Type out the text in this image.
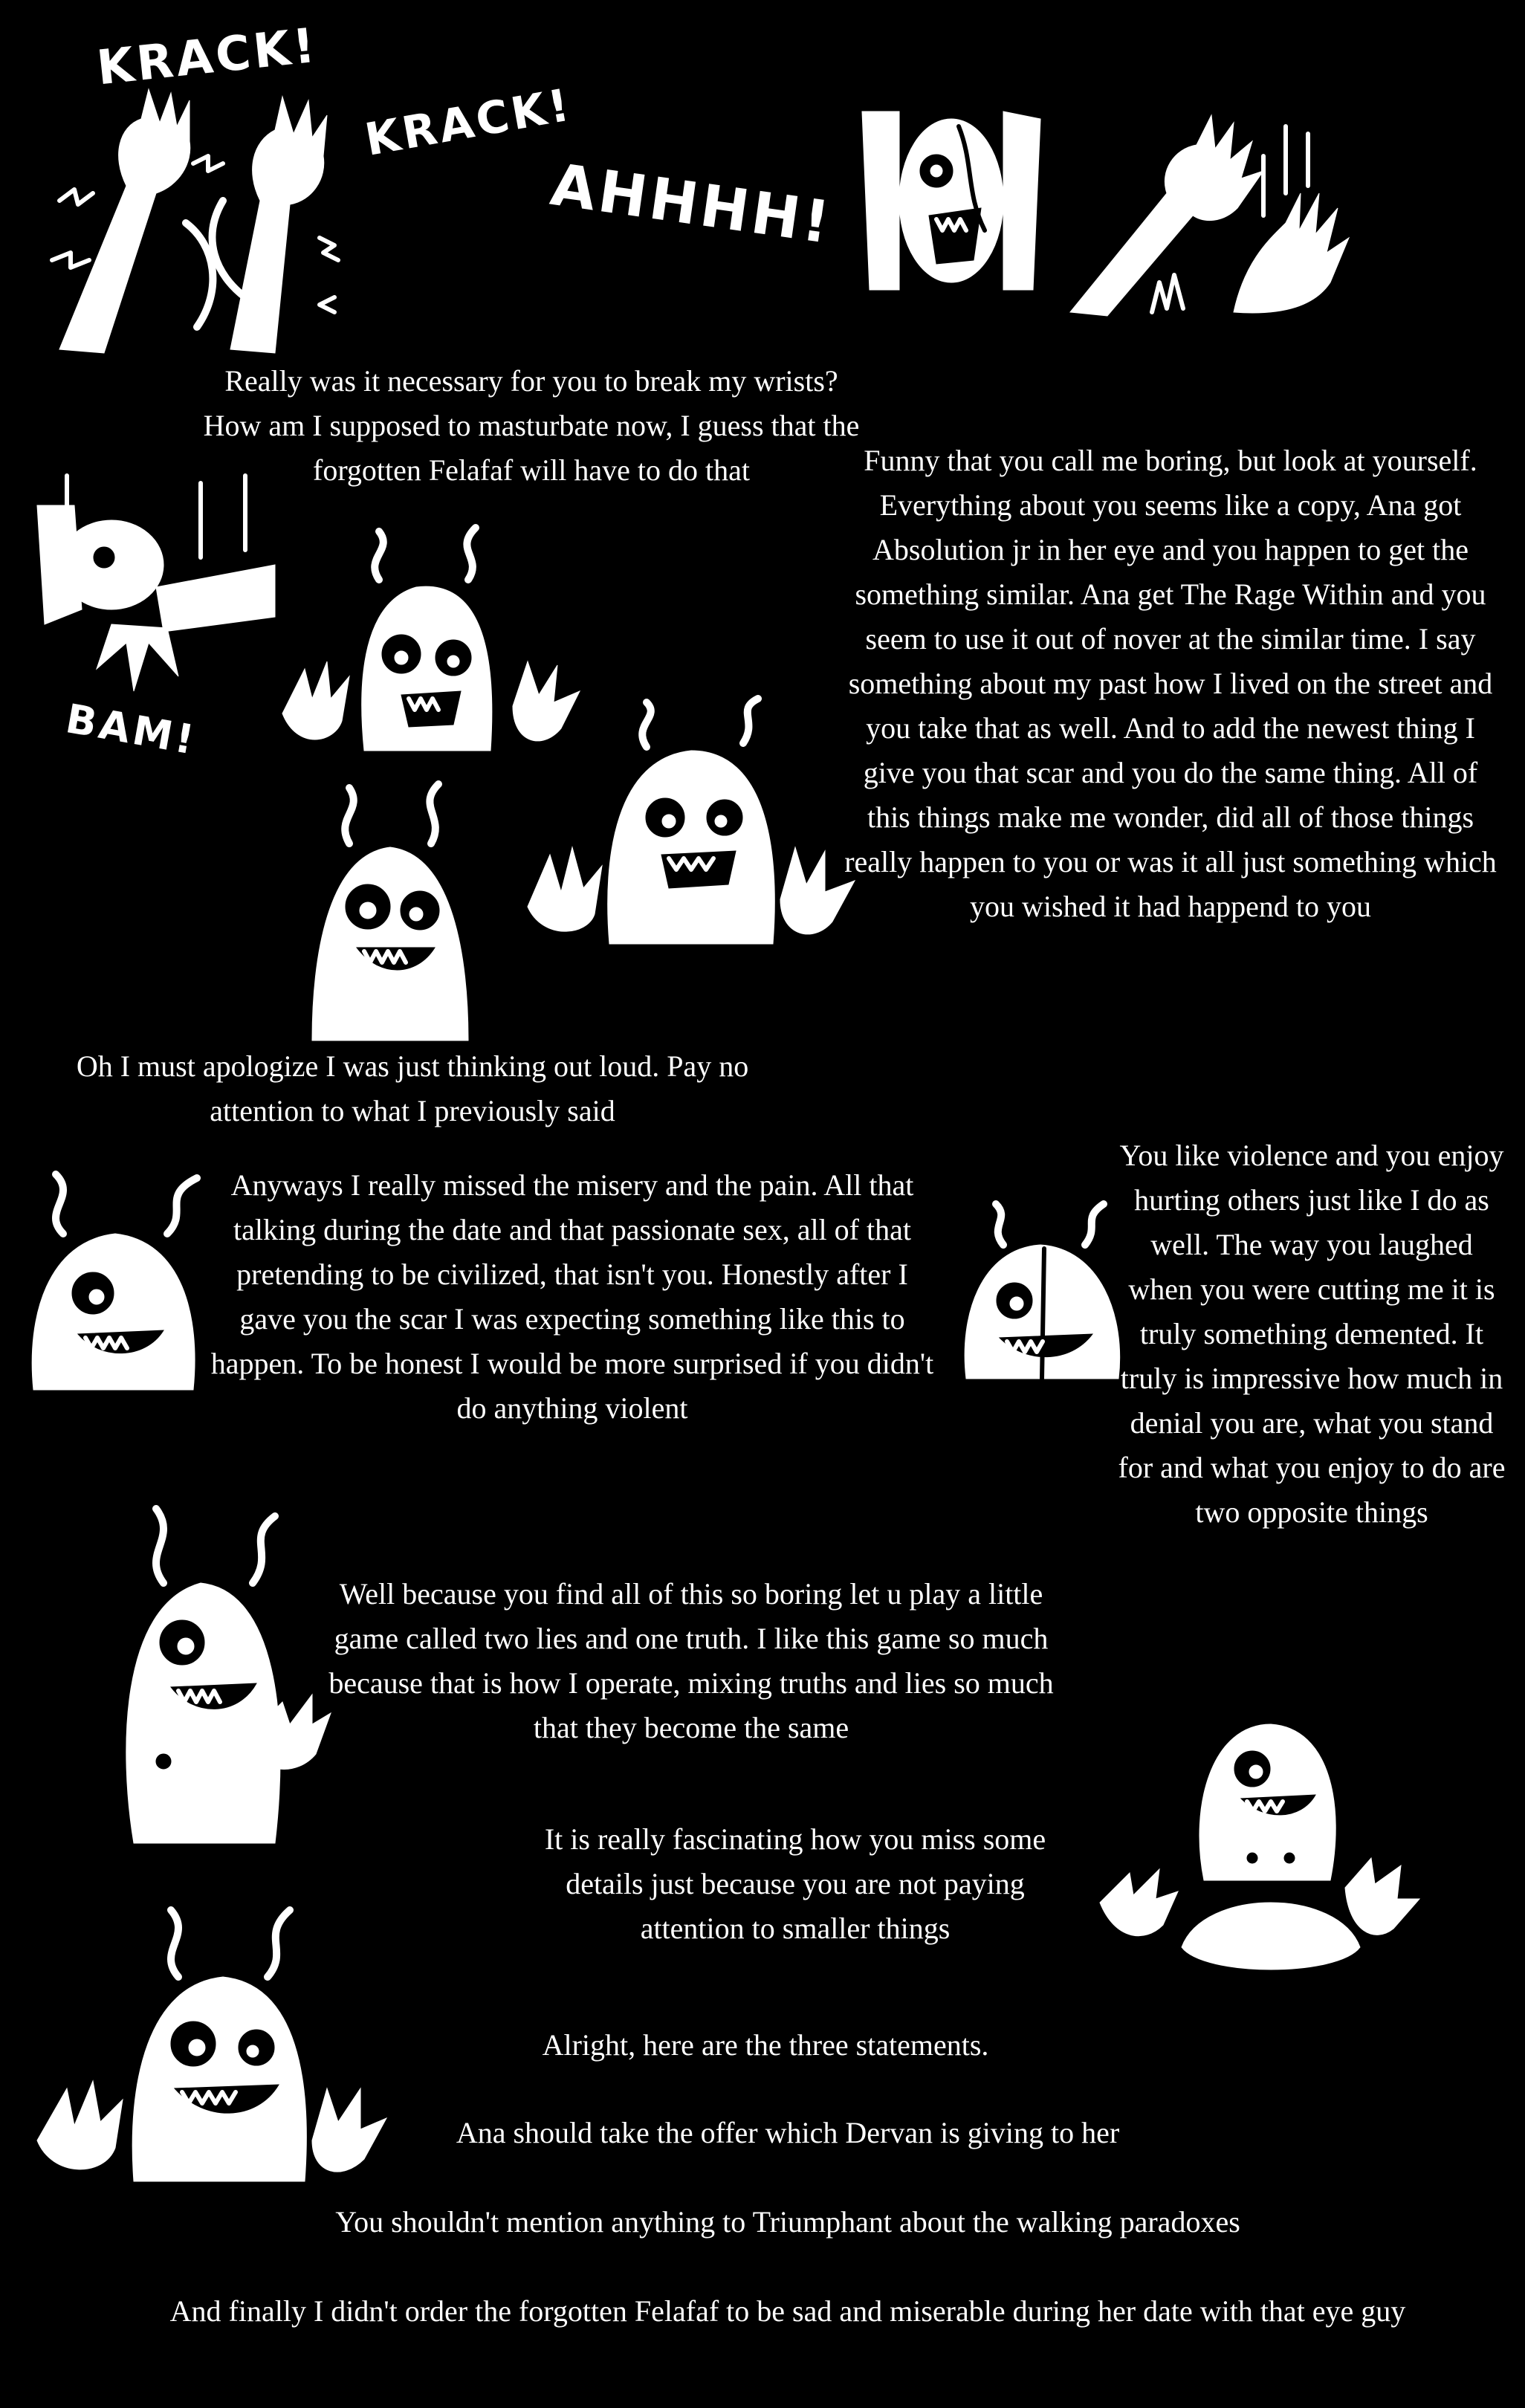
KRACK!
KRACK!
AHHHH!
BAM!
Really was it necessary for you to break my wrists? How am I supposed to masturbate now, I guess that the forgotten Felafaf will have to do that	Funny that you call me boring, but look at yourself. Everything about you seems like a copy, Ana got Absolution jr in her eye and you happen to get the something similar. Ana get The Rage Within and you seem to use it out of nover at the similar time. I say something about my past how I lived on the street and you take that as well. And to add the newest thing I give you that scar and you do the same thing. All of this things make me wonder, did all of those things really happen to you or was it all just something which you wished it had happend to you
Oh I must apologize I was just thinking out loud. Pay no attention to what I previously said
Anyways I really missed the misery and the pain. All that talking during the date and that passionate sex, all of that pretending to be civilized, that isn't you. Honestly after I gave you the scar I was expecting something like this to happen. To be honest I would be more surprised if you didn't do anything violent
You like violence and you enjoy hurting others just like I do as well. The way you laughed when you were cutting me it is truly something demented. It truly is impressive how much in denial you are, what you stand for and what you enjoy to do are two opposite things
Well because you find all of this so boring let u play a little game called two lies and one truth. I like this game so much because that is how I operate, mixing truths and lies so much that they become the same
It is really fascinating how you miss some details just because you are not paying attention to smaller things
Alright, here are the three statements.
Ana should take the offer which Dervan is giving to her
You shouldn't mention anything to Triumphant about the walking paradoxes
And finally I didn't order the forgotten Felafaf to be sad and miserable during her date with that eye guy
